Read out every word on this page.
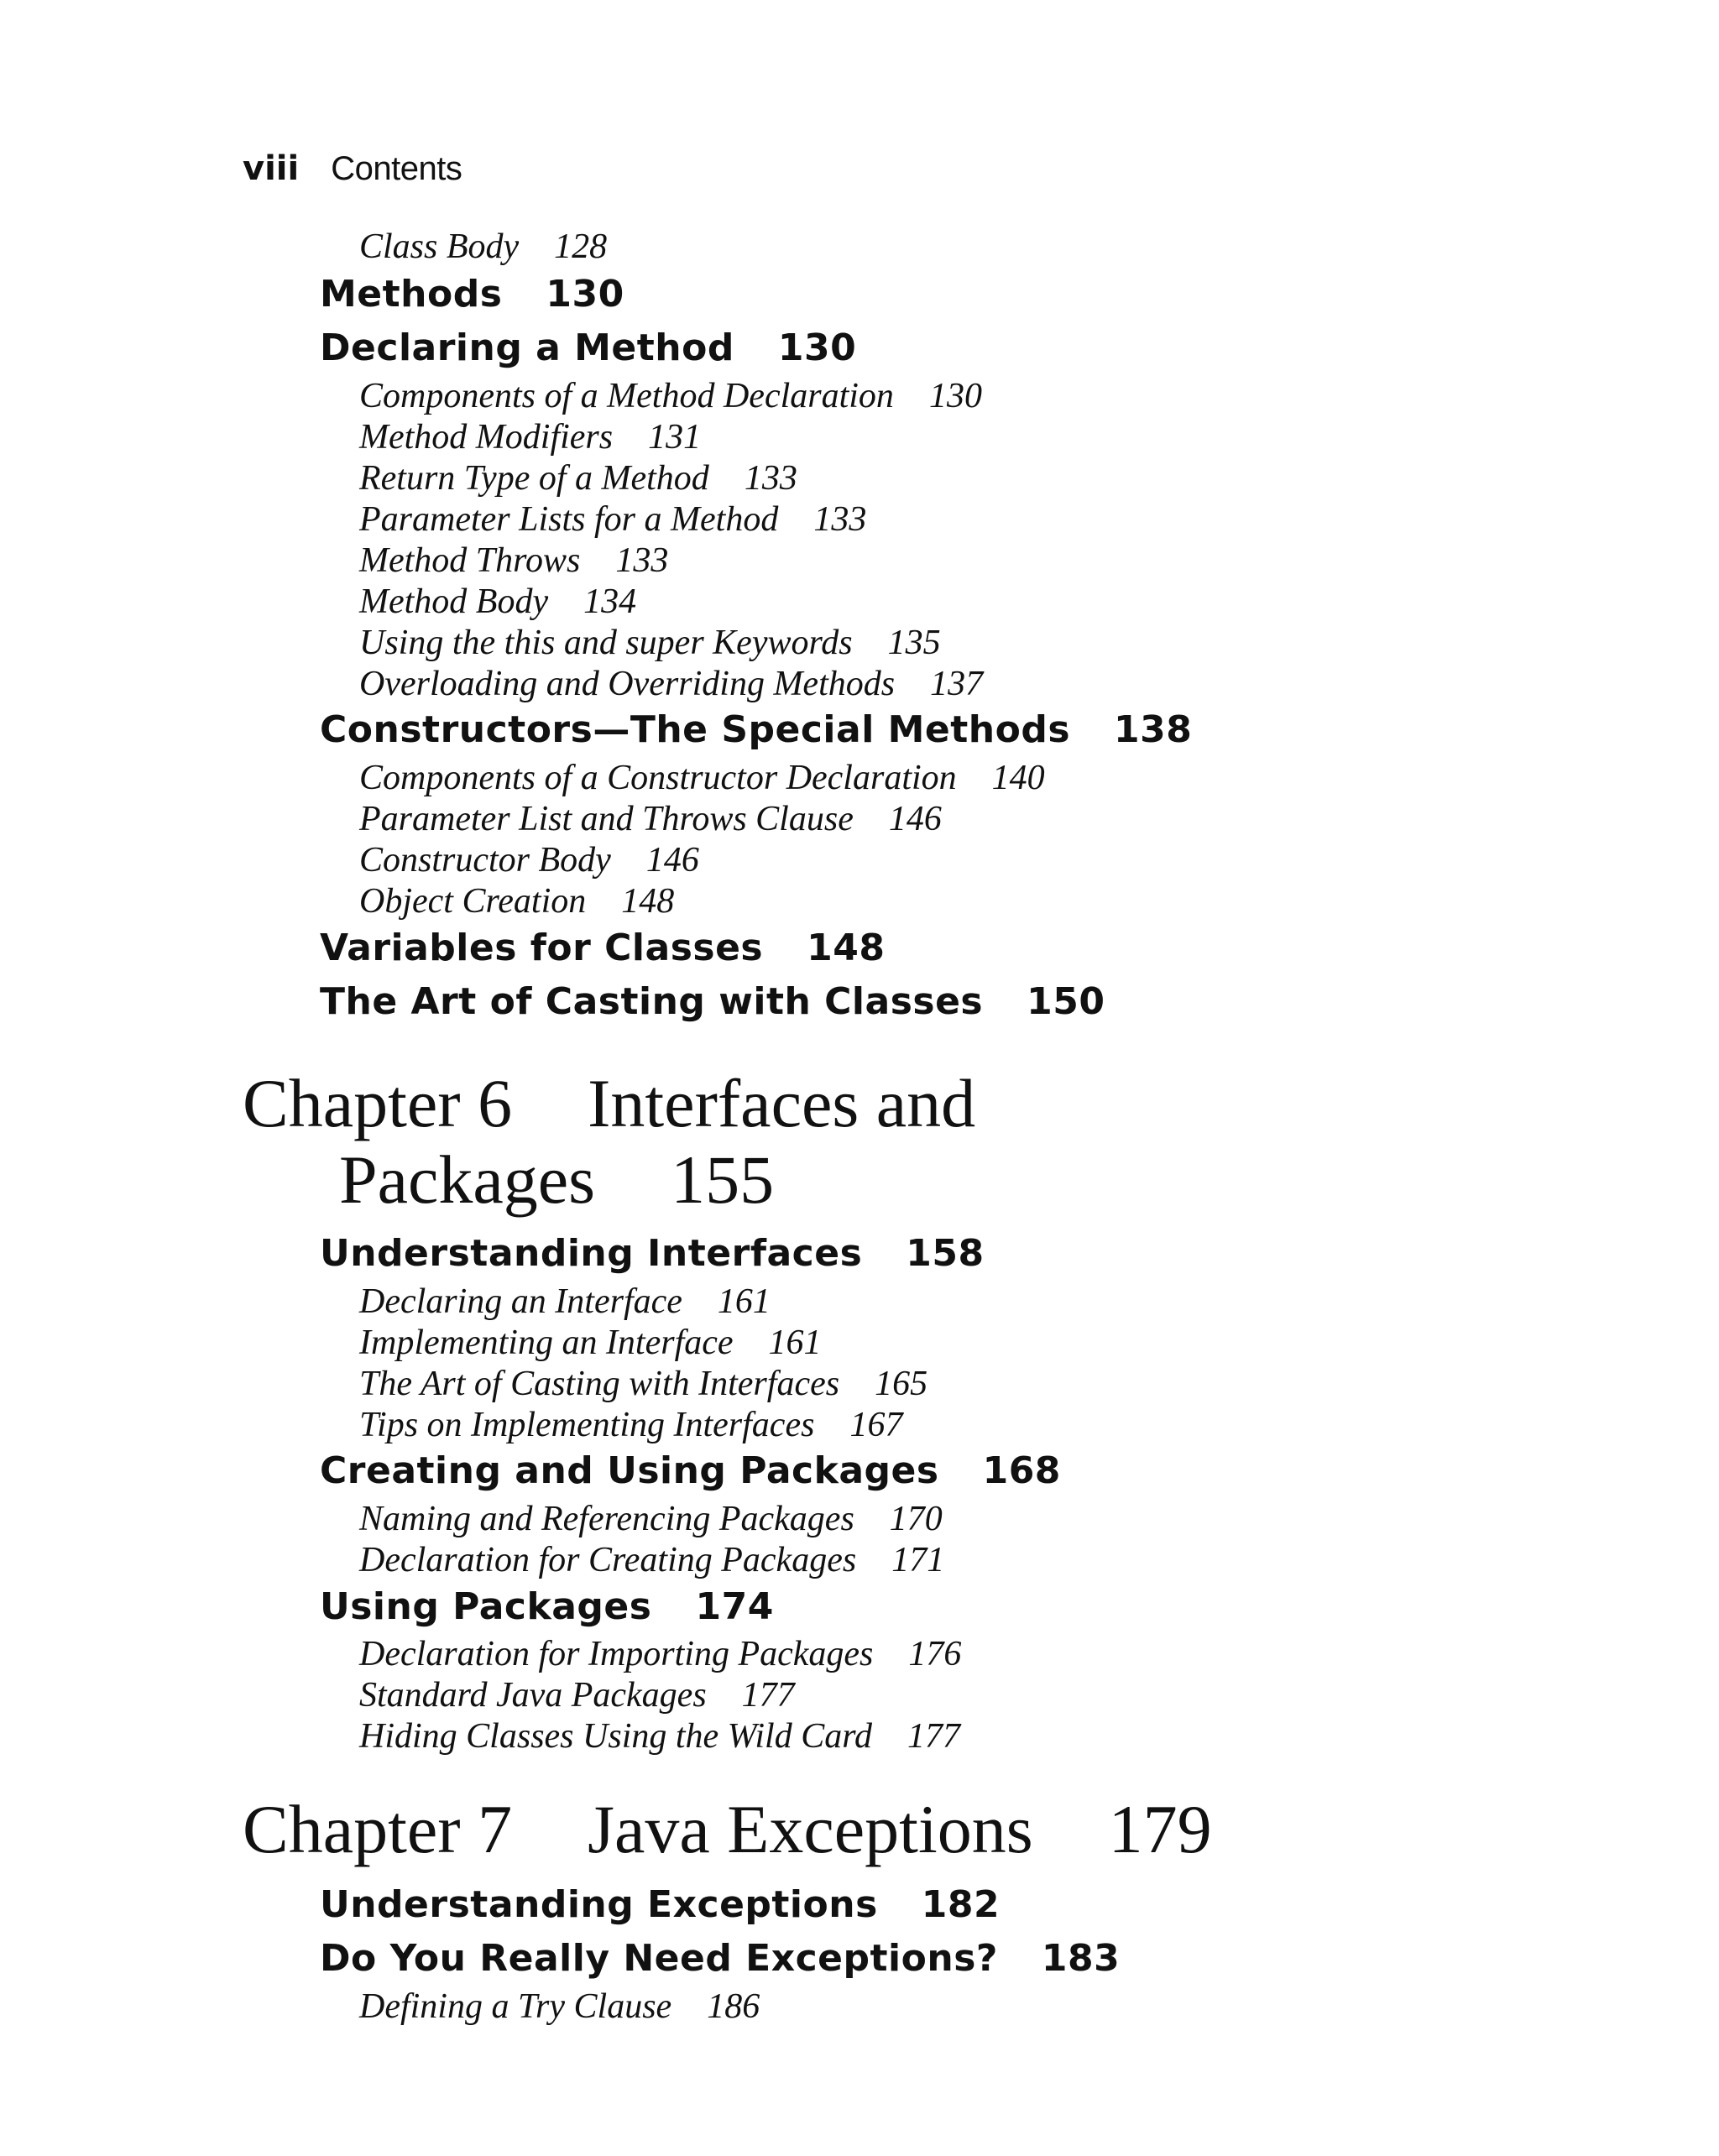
viii Contents
Class Body 128
Methods 130
Declaring a Method 130
Components of a Method Declaration 130
Method Modifiers 131
Return Type of a Method 133
Parameter Lists for a Method 133
Method Throws 133
Method Body 134
Using the this and super Keywords 135
Overloading and Overriding Methods 137
Constructors—The Special Methods 138
Components of a Constructor Declaration 140
Parameter List and Throws Clause 146
Constructor Body 146
Object Creation 148
Variables for Classes 148
The Art of Casting with Classes 150
Chapter 6 Interfaces and
Packages 155
Understanding Interfaces 158
Declaring an Interface 161
Implementing an Interface 161
The Art of Casting with Interfaces 165
Tips on Implementing Interfaces 167
Creating and Using Packages 168
Naming and Referencing Packages 170
Declaration for Creating Packages 171
Using Packages 174
Declaration for Importing Packages 176
Standard Java Packages 177
Hiding Classes Using the Wild Card 177
Chapter 7 Java Exceptions 179
Understanding Exceptions 182
Do You Really Need Exceptions? 183
Defining a Try Clause 186
